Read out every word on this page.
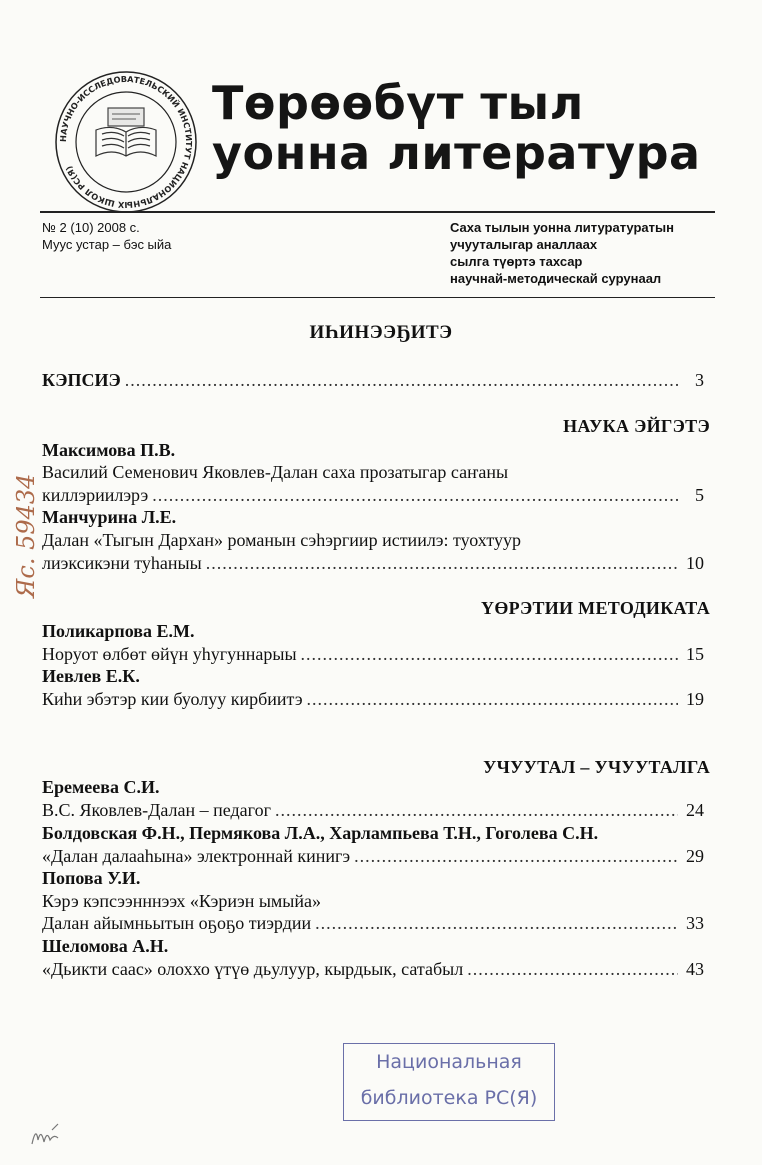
НАУЧНО-ИССЛЕДОВАТЕЛЬСКИЙ ИНСТИТУТ НАЦИОНАЛЬНЫХ ШКОЛ РС(Я)
Төрөөбүт тыл
уонна литература
№ 2 (10) 2008 с.
Муус устар – бэс ыйа
Саха тылын уонна литуратуратын
учууталыгар аналлаах
сылга түөртэ тахсар
научнай-методическай сурунаал
ИҺИНЭЭҔИТЭ
КЭПСИЭ .....	3
НАУКА ЭЙГЭТЭ
Максимова П.В.
Василий Семенович Яковлев-Далан саха прозатыгар саҥаны
киллэриилэрэ .....	5
Манчурина Л.Е.
Далан «Тыгын Дархан» романын сэһэргиир истиилэ: туохтуур
лиэксикэни туһаныы .....	10
ҮӨРЭТИИ МЕТОДИКАТА
Поликарпова Е.М.
Норуот өлбөт өйүн уһугуннарыы .....	15
Иевлев Е.К.
Киһи эбэтэр кии буолуу кирбиитэ .....	19
УЧУУТАЛ – УЧУУТАЛГА
Еремеева С.И.
В.С. Яковлев-Далан – педагог .....	24
Болдовская Ф.Н., Пермякова Л.А., Харлампьева Т.Н., Гоголева С.Н.
«Далан далааһына» электроннай кинигэ .....	29
Попова У.И.
Кэрэ кэпсээнннээх «Кэриэн ымыйа»
Далан айымньытын оҕоҕо тиэрдии .....	33
Шеломова А.Н.
«Дьикти саас» олоххо үтүө дьулуур, кырдьык, сатабыл .....	43
Яс. 59434
Национальная
библиотека РС(Я)
